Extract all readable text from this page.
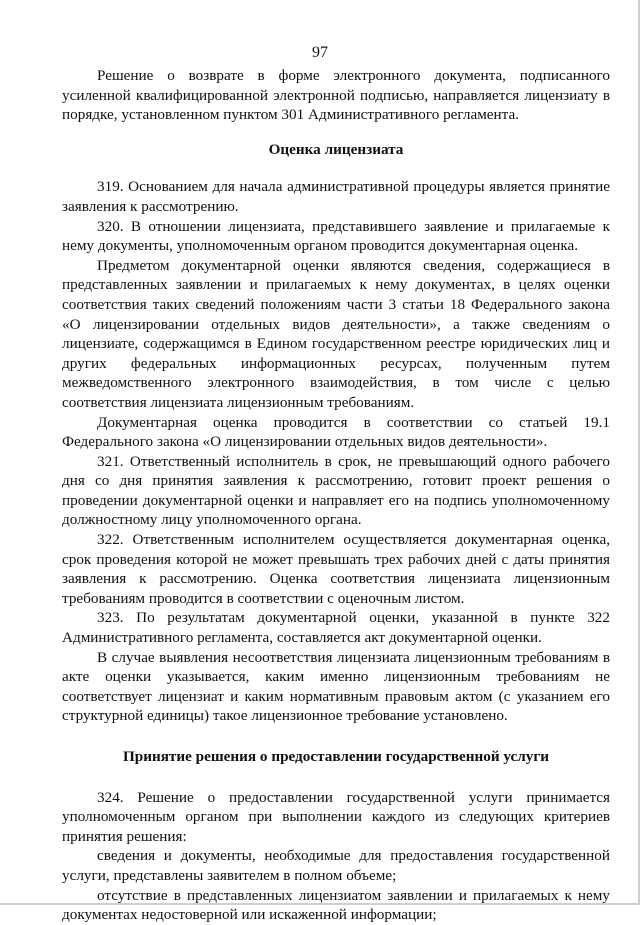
97

Решение о возврате в форме электронного документа, подписанного усиленной квалифицированной электронной подписью, направляется лицензиату в порядке, установленном пунктом 301 Административного регламента.

Оценка лицензиата

319. Основанием для начала административной процедуры является принятие заявления к рассмотрению.

320. В отношении лицензиата, представившего заявление и прилагаемые к нему документы, уполномоченным органом проводится документарная оценка.

Предметом документарной оценки являются сведения, содержащиеся в представленных заявлении и прилагаемых к нему документах, в целях оценки соответствия таких сведений положениям части 3 статьи 18 Федерального закона «О лицензировании отдельных видов деятельности», а также сведениям о лицензиате, содержащимся в Едином государственном реестре юридических лиц и других федеральных информационных ресурсах, полученным путем межведомственного электронного взаимодействия, в том числе с целью соответствия лицензиата лицензионным требованиям.

Документарная оценка проводится в соответствии со статьей 19.1 Федерального закона «О лицензировании отдельных видов деятельности».

321. Ответственный исполнитель в срок, не превышающий одного рабочего дня со дня принятия заявления к рассмотрению, готовит проект решения о проведении документарной оценки и направляет его на подпись уполномоченному должностному лицу уполномоченного органа.

322. Ответственным исполнителем осуществляется документарная оценка, срок проведения которой не может превышать трех рабочих дней с даты принятия заявления к рассмотрению. Оценка соответствия лицензиата лицензионным требованиям проводится в соответствии с оценочным листом.

323. По результатам документарной оценки, указанной в пункте 322 Административного регламента, составляется акт документарной оценки.

В случае выявления несоответствия лицензиата лицензионным требованиям в акте оценки указывается, каким именно лицензионным требованиям не соответствует лицензиат и каким нормативным правовым актом (с указанием его структурной единицы) такое лицензионное требование установлено.

Принятие решения о предоставлении государственной услуги

324. Решение о предоставлении государственной услуги принимается уполномоченным органом при выполнении каждого из следующих критериев принятия решения:

сведения и документы, необходимые для предоставления государственной услуги, представлены заявителем в полном объеме;

отсутствие в представленных лицензиатом заявлении и прилагаемых к нему документах недостоверной или искаженной информации;
